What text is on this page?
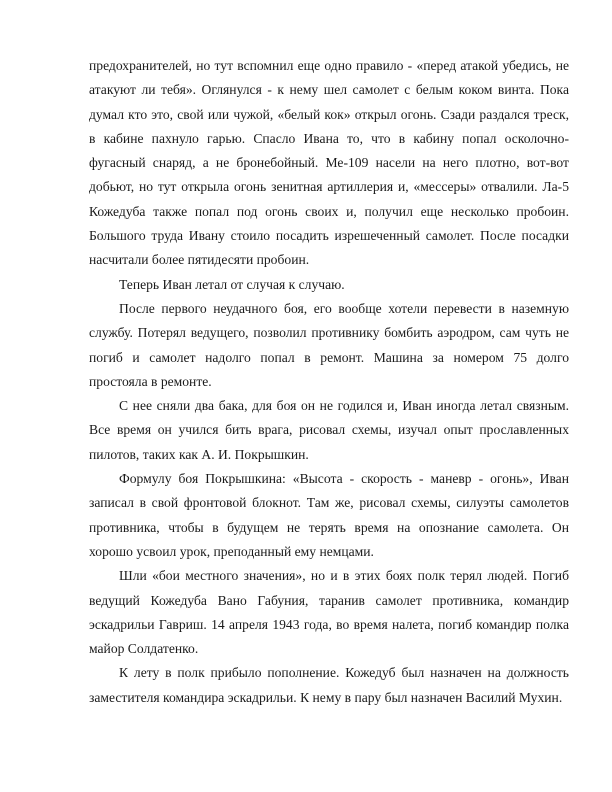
предохранителей, но тут вспомнил еще одно правило - «перед атакой убедись, не
атакуют ли тебя». Оглянулся - к нему шел самолет с белым коком винта. Пока
думал кто это, свой или чужой, «белый кок» открыл огонь. Сзади раздался треск,
в кабине пахнуло гарью. Спасло Ивана то, что в кабину попал осколочно-
фугасный снаряд, а не бронебойный. Ме-109 насели на него плотно, вот-вот
добьют, но тут открыла огонь зенитная артиллерия и, «мессеры» отвалили. Ла-5
Кожедуба также попал под огонь своих и, получил еще несколько пробоин.
Большого труда Ивану стоило посадить изрешеченный самолет. После посадки
насчитали более пятидесяти пробоин.
Теперь Иван летал от случая к случаю.
После первого неудачного боя, его вообще хотели перевести в наземную
службу. Потерял ведущего, позволил противнику бомбить аэродром, сам чуть не
погиб и самолет надолго попал в ремонт. Машина за номером 75 долго
простояла в ремонте.
С нее сняли два бака, для боя он не годился и, Иван иногда летал связным.
Все время он учился бить врага, рисовал схемы, изучал опыт прославленных
пилотов, таких как А. И. Покрышкин.
Формулу боя Покрышкина: «Высота - скорость - маневр - огонь», Иван
записал в свой фронтовой блокнот. Там же, рисовал схемы, силуэты самолетов
противника, чтобы в будущем не терять время на опознание самолета. Он
хорошо усвоил урок, преподанный ему немцами.
Шли «бои местного значения», но и в этих боях полк терял людей. Погиб
ведущий Кожедуба Вано Габуния, таранив самолет противника, командир
эскадрильи Гавриш. 14 апреля 1943 года, во время налета, погиб командир полка
майор Солдатенко.
К лету в полк прибыло пополнение. Кожедуб был назначен на должность
заместителя командира эскадрильи. К нему в пару был назначен Василий Мухин.
